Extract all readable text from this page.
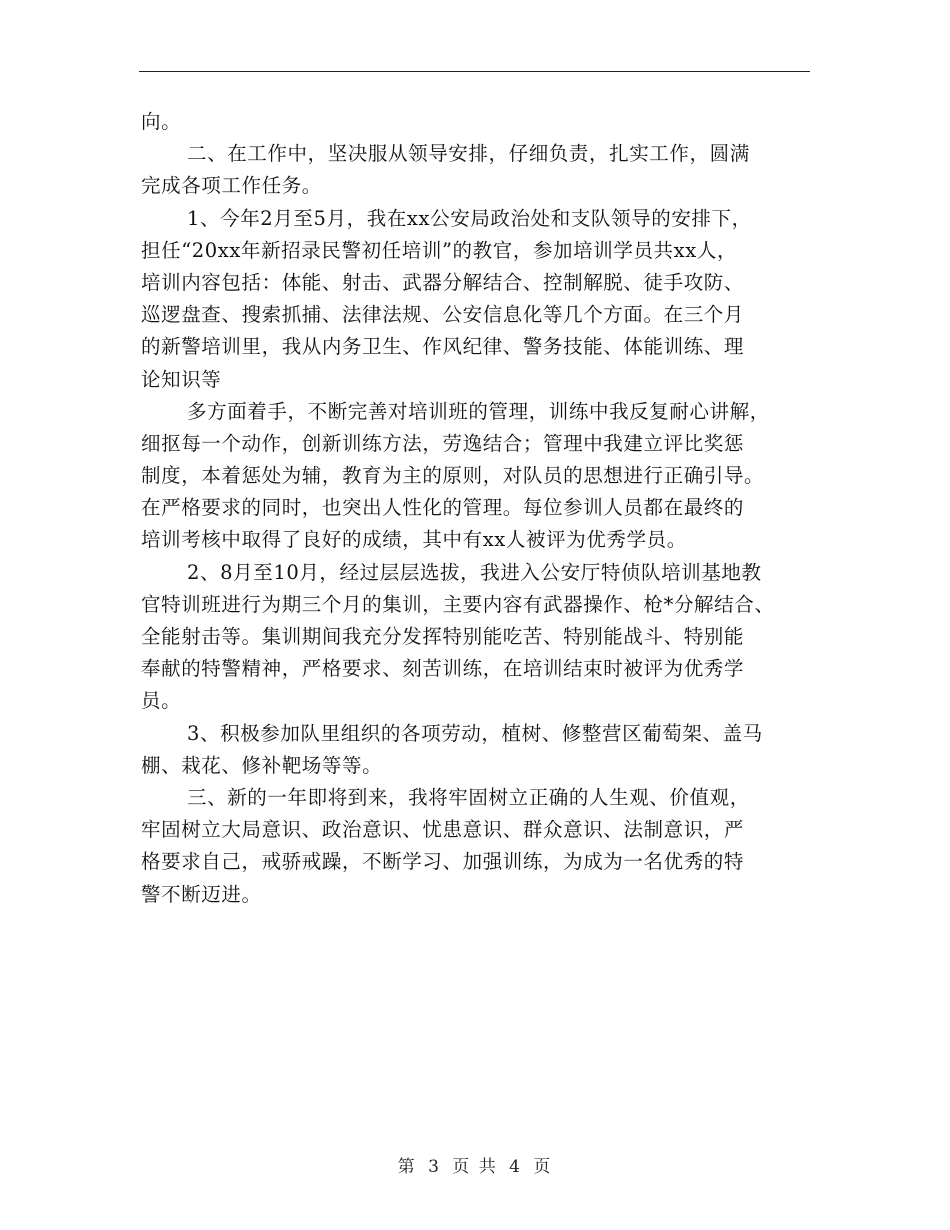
向。
二、在工作中，坚决服从领导安排，仔细负责，扎实工作，圆满
完成各项工作任务。
1、今年2月至5月，我在xx公安局政治处和支队领导的安排下，
担任“20xx年新招录民警初任培训”的教官，参加培训学员共xx人，
培训内容包括：体能、射击、武器分解结合、控制解脱、徒手攻防、
巡逻盘查、搜索抓捕、法律法规、公安信息化等几个方面。在三个月
的新警培训里，我从内务卫生、作风纪律、警务技能、体能训练、理
论知识等
多方面着手，不断完善对培训班的管理，训练中我反复耐心讲解，
细抠每一个动作，创新训练方法，劳逸结合；管理中我建立评比奖惩
制度，本着惩处为辅，教育为主的原则，对队员的思想进行正确引导。
在严格要求的同时，也突出人性化的管理。每位参训人员都在最终的
培训考核中取得了良好的成绩，其中有xx人被评为优秀学员。
2、8月至10月，经过层层选拔，我进入公安厅特侦队培训基地教
官特训班进行为期三个月的集训，主要内容有武器操作、枪*分解结合、
全能射击等。集训期间我充分发挥特别能吃苦、特别能战斗、特别能
奉献的特警精神，严格要求、刻苦训练，在培训结束时被评为优秀学
员。
3、积极参加队里组织的各项劳动，植树、修整营区葡萄架、盖马
棚、栽花、修补靶场等等。
三、新的一年即将到来，我将牢固树立正确的人生观、价值观，
牢固树立大局意识、政治意识、忧患意识、群众意识、法制意识，严
格要求自己，戒骄戒躁，不断学习、加强训练，为成为一名优秀的特
警不断迈进。
第 3 页 共 4 页
